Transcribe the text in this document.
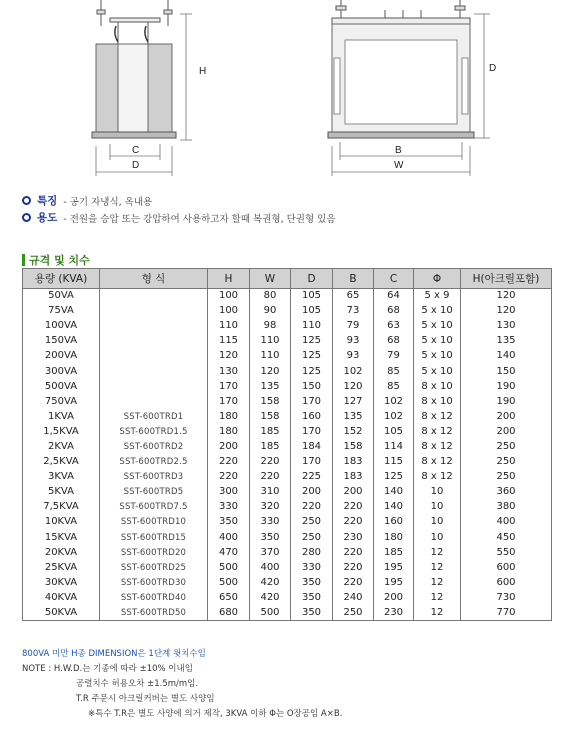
H
C
D
D
B
W
특징 - 공기 자냉식, 옥내용
용도 - 전원을 승압 또는 강압하여 사용하고자 할때 복권형, 단권형 있음
규격 및 치수
용량 (KVA)	형 식	H	W	D	B	C	Φ	H(아크릴포함)
50VA		100	80	105	65	64	5 x 9	120
75VA		100	90	105	73	68	5 x 10	120
100VA		110	98	110	79	63	5 x 10	130
150VA		115	110	125	93	68	5 x 10	135
200VA		120	110	125	93	79	5 x 10	140
300VA		130	120	125	102	85	5 x 10	150
500VA		170	135	150	120	85	8 x 10	190
750VA		170	158	170	127	102	8 x 10	190
1KVA	SST-600TRD1	180	158	160	135	102	8 x 12	200
1,5KVA	SST-600TRD1.5	180	185	170	152	105	8 x 12	200
2KVA	SST-600TRD2	200	185	184	158	114	8 x 12	250
2,5KVA	SST-600TRD2.5	220	220	170	183	115	8 x 12	250
3KVA	SST-600TRD3	220	220	225	183	125	8 x 12	250
5KVA	SST-600TRD5	300	310	200	200	140	10	360
7,5KVA	SST-600TRD7.5	330	320	220	220	140	10	380
10KVA	SST-600TRD10	350	330	250	220	160	10	400
15KVA	SST-600TRD15	400	350	250	230	180	10	450
20KVA	SST-600TRD20	470	370	280	220	185	12	550
25KVA	SST-600TRD25	500	400	330	220	195	12	600
30KVA	SST-600TRD30	500	420	350	220	195	12	600
40KVA	SST-600TRD40	650	420	350	240	200	12	730
50KVA	SST-600TRD50	680	500	350	250	230	12	770
800VA 미만 H종 DIMENSION은 1단계 윗치수임
NOTE : H.W.D.는 기종에 따라 ±10% 이내임
공렬치수 허용오차 ±1.5m/m임.
T.R 주문시 아크릴커버는 별도 사양임
※특수 T.R은 별도 사양에 의거 제작, 3KVA 이하 Φ는 O장공임 A×B.
